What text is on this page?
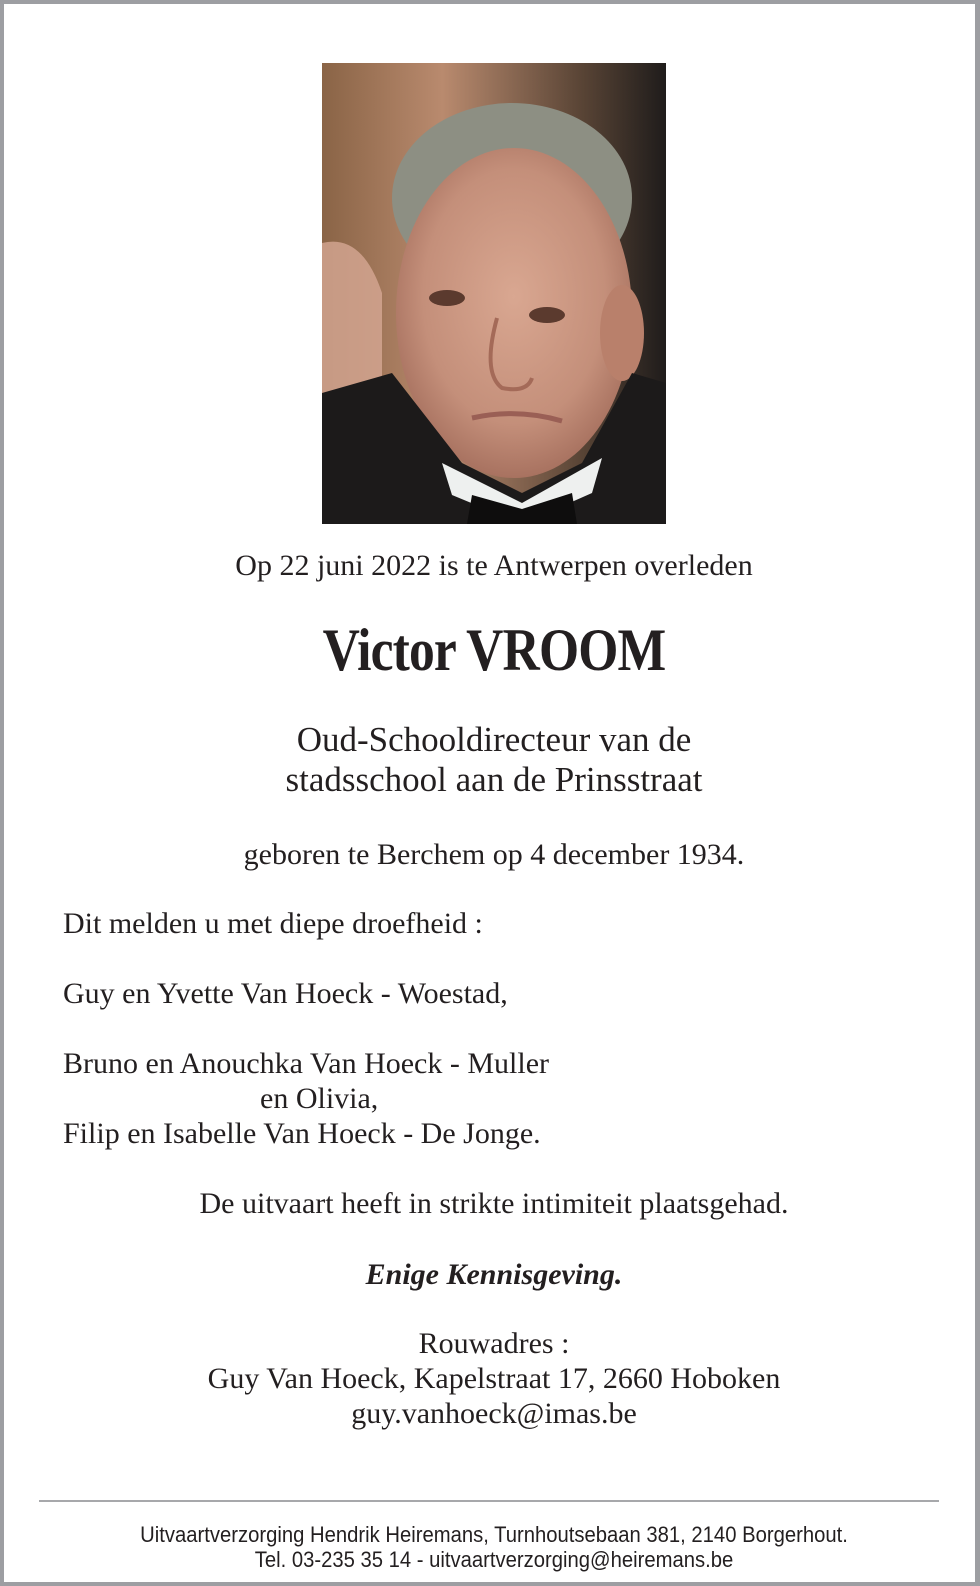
Op 22 juni 2022 is te Antwerpen overleden
Victor VROOM
Oud-Schooldirecteur van de
stadsschool aan de Prinsstraat
geboren te Berchem op 4 december 1934.
Dit melden u met diepe droefheid :
Guy en Yvette Van Hoeck - Woestad,
Bruno en Anouchka Van Hoeck - Muller
en Olivia,
Filip en Isabelle Van Hoeck - De Jonge.
De uitvaart heeft in strikte intimiteit plaatsgehad.
Enige Kennisgeving.
Rouwadres :
Guy Van Hoeck, Kapelstraat 17, 2660 Hoboken
guy.vanhoeck@imas.be
Uitvaartverzorging Hendrik Heiremans, Turnhoutsebaan 381, 2140 Borgerhout.
Tel. 03-235 35 14 - uitvaartverzorging@heiremans.be
